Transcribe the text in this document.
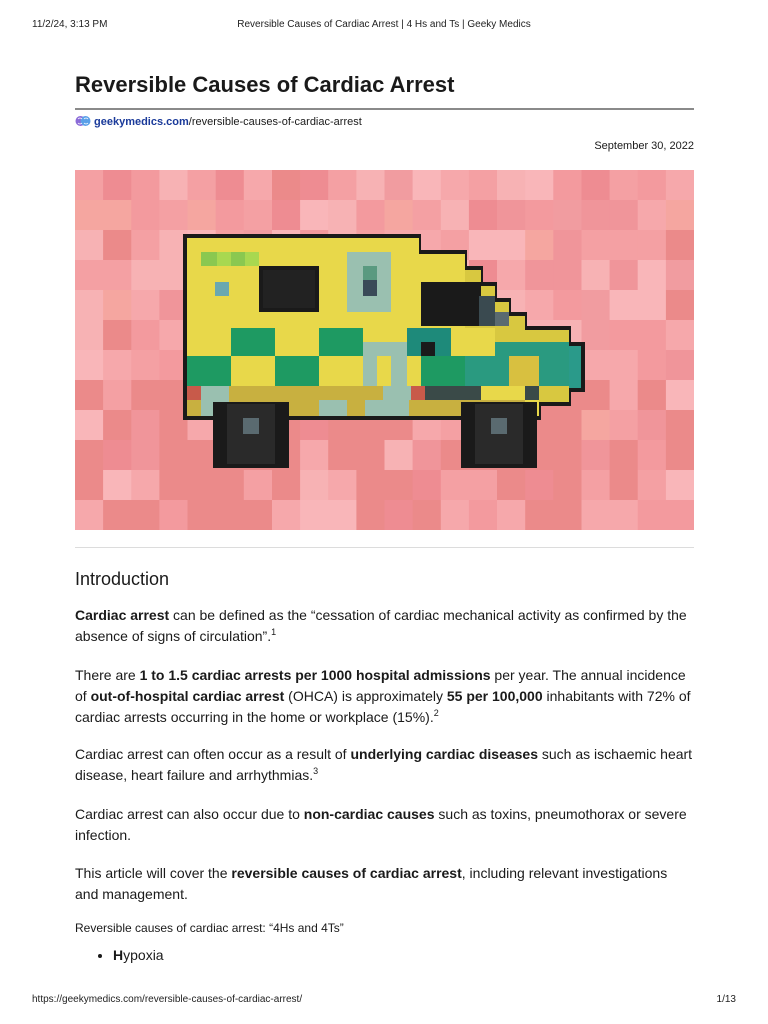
11/2/24, 3:13 PM	Reversible Causes of Cardiac Arrest | 4 Hs and Ts | Geeky Medics
Reversible Causes of Cardiac Arrest
geekymedics.com/reversible-causes-of-cardiac-arrest
September 30, 2022
Introduction

Cardiac arrest can be defined as the “cessation of cardiac mechanical activity as confirmed by the absence of signs of circulation”.$^1$

There are 1 to 1.5 cardiac arrests per 1000 hospital admissions per year. The annual incidence of out-of-hospital cardiac arrest (OHCA) is approximately 55 per 100,000 inhabitants with 72% of cardiac arrests occurring in the home or workplace (15%).$^2$

Cardiac arrest can often occur as a result of underlying cardiac diseases such as ischaemic heart disease, heart failure and arrhythmias.$^3$

Cardiac arrest can also occur due to non-cardiac causes such as toxins, pneumothorax or severe infection.

This article will cover the reversible causes of cardiac arrest, including relevant investigations and management.

Reversible causes of cardiac arrest: “4Hs and 4Ts”

• Hypoxia
https://geekymedics.com/reversible-causes-of-cardiac-arrest/	1/13
